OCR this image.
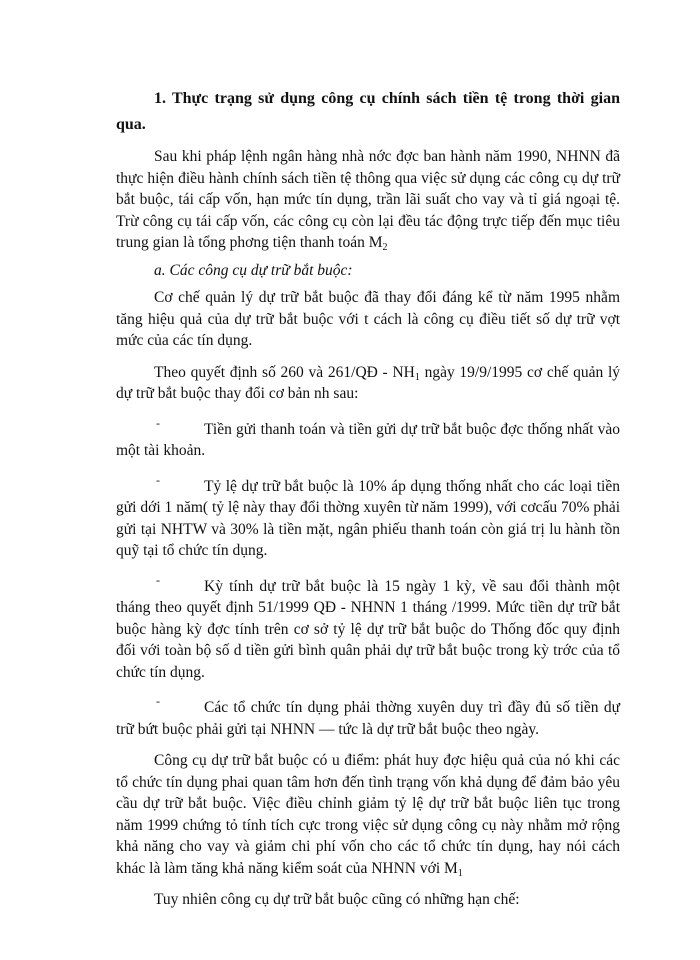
1. Thực trạng sử dụng công cụ chính sách tiền tệ trong thời gian qua.

Sau khi pháp lệnh ngân hàng nhà nớc đợc ban hành năm 1990, NHNN đã thực hiện điều hành chính sách tiền tệ thông qua việc sử dụng các công cụ dự trữ bắt buộc, tái cấp vốn, hạn mức tín dụng, trần lãi suất cho vay và tỉ giá ngoại tệ. Trừ công cụ tái cấp vốn, các công cụ còn lại đều tác động trực tiếp đến mục tiêu trung gian là tổng phơng tiện thanh toán $M_2$

a. Các công cụ dự trữ bắt buộc:

Cơ chế quản lý dự trữ bắt buộc đã thay đổi đáng kể từ năm 1995 nhằm tăng hiệu quả của dự trữ bắt buộc với t cách là công cụ điều tiết số dự trữ vợt mức của các tín dụng.

Theo quyết định số 260 và 261/QĐ - $NH_1$ ngày 19/9/1995 cơ chế quản lý dự trữ bắt buộc thay đổi cơ bản nh sau:

-	Tiền gửi thanh toán và tiền gửi dự trữ bắt buộc đợc thống nhất vào một tài khoản.

-	Tỷ lệ dự trữ bắt buộc là 10% áp dụng thống nhất cho các loại tiền gửi dới 1 năm( tỷ lệ này thay đổi thờng xuyên từ năm 1999), với cơcấu 70% phải gửi tại NHTW và 30% là tiền mặt, ngân phiếu thanh toán còn giá trị lu hành tồn quỹ tại tổ chức tín dụng.

-	Kỳ tính dự trữ bắt buộc là 15 ngày 1 kỳ, về sau đổi thành một tháng theo quyết định 51/1999 QĐ - NHNN 1 tháng /1999. Mức tiền dự trữ bắt buộc hàng kỳ đợc tính trên cơ sở tỷ lệ dự trữ bắt buộc do Thống đốc quy định đối với toàn bộ số d tiền gửi bình quân phải dự trữ bắt buộc trong kỳ trớc của tổ chức tín dụng.

-	Các tổ chức tín dụng phải thờng xuyên duy trì đầy đủ số tiền dự trữ bứt buộc phải gửi tại NHNN — tức là dự trữ bắt buộc theo ngày.

Công cụ dự trữ bắt buộc có u điểm: phát huy đợc hiệu quả của nó khi các tổ chức tín dụng phai quan tâm hơn đến tình trạng vốn khả dụng để đảm bảo yêu cầu dự trữ bắt buộc. Việc điều chỉnh giảm tỷ lệ dự trữ bắt buộc liên tục trong năm 1999 chứng tỏ tính tích cực trong việc sử dụng công cụ này nhằm mở rộng khả năng cho vay và giảm chi phí vốn cho các tổ chức tín dụng, hay nói cách khác là làm tăng khả năng kiểm soát của NHNN với $M_1$

Tuy nhiên công cụ dự trữ bắt buộc cũng có những hạn chế:
